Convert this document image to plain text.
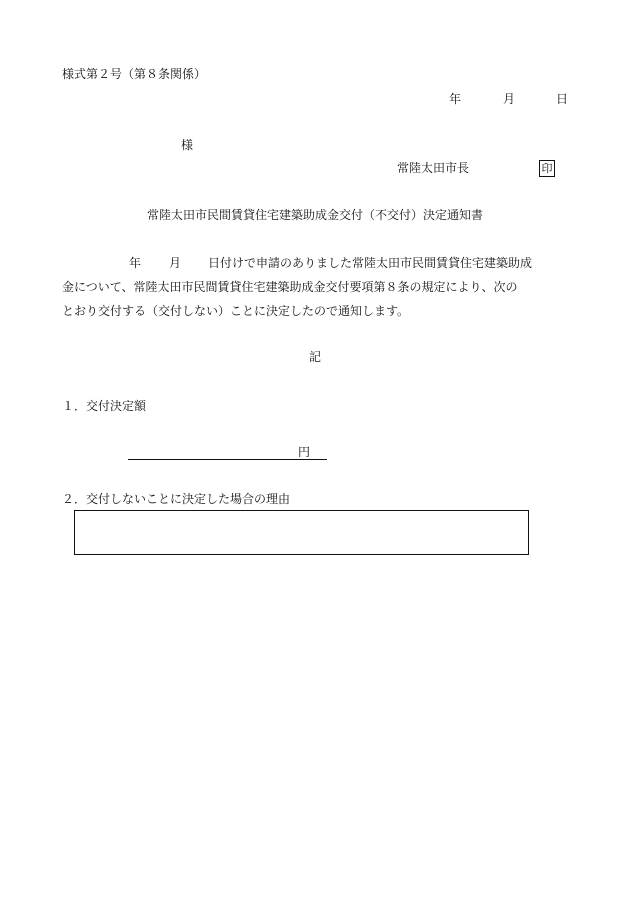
様式第２号（第８条関係）
年	月	日
様
常陸太田市長	印
常陸太田市民間賃貸住宅建築助成金交付（不交付）決定通知書
年 月 日付けで申請のありました常陸太田市民間賃貸住宅建築助成
金について、常陸太田市民間賃貸住宅建築助成金交付要項第８条の規定により、次の
とおり交付する（交付しない）ことに決定したので通知します。
記
１．交付決定額
円
２．交付しないことに決定した場合の理由
